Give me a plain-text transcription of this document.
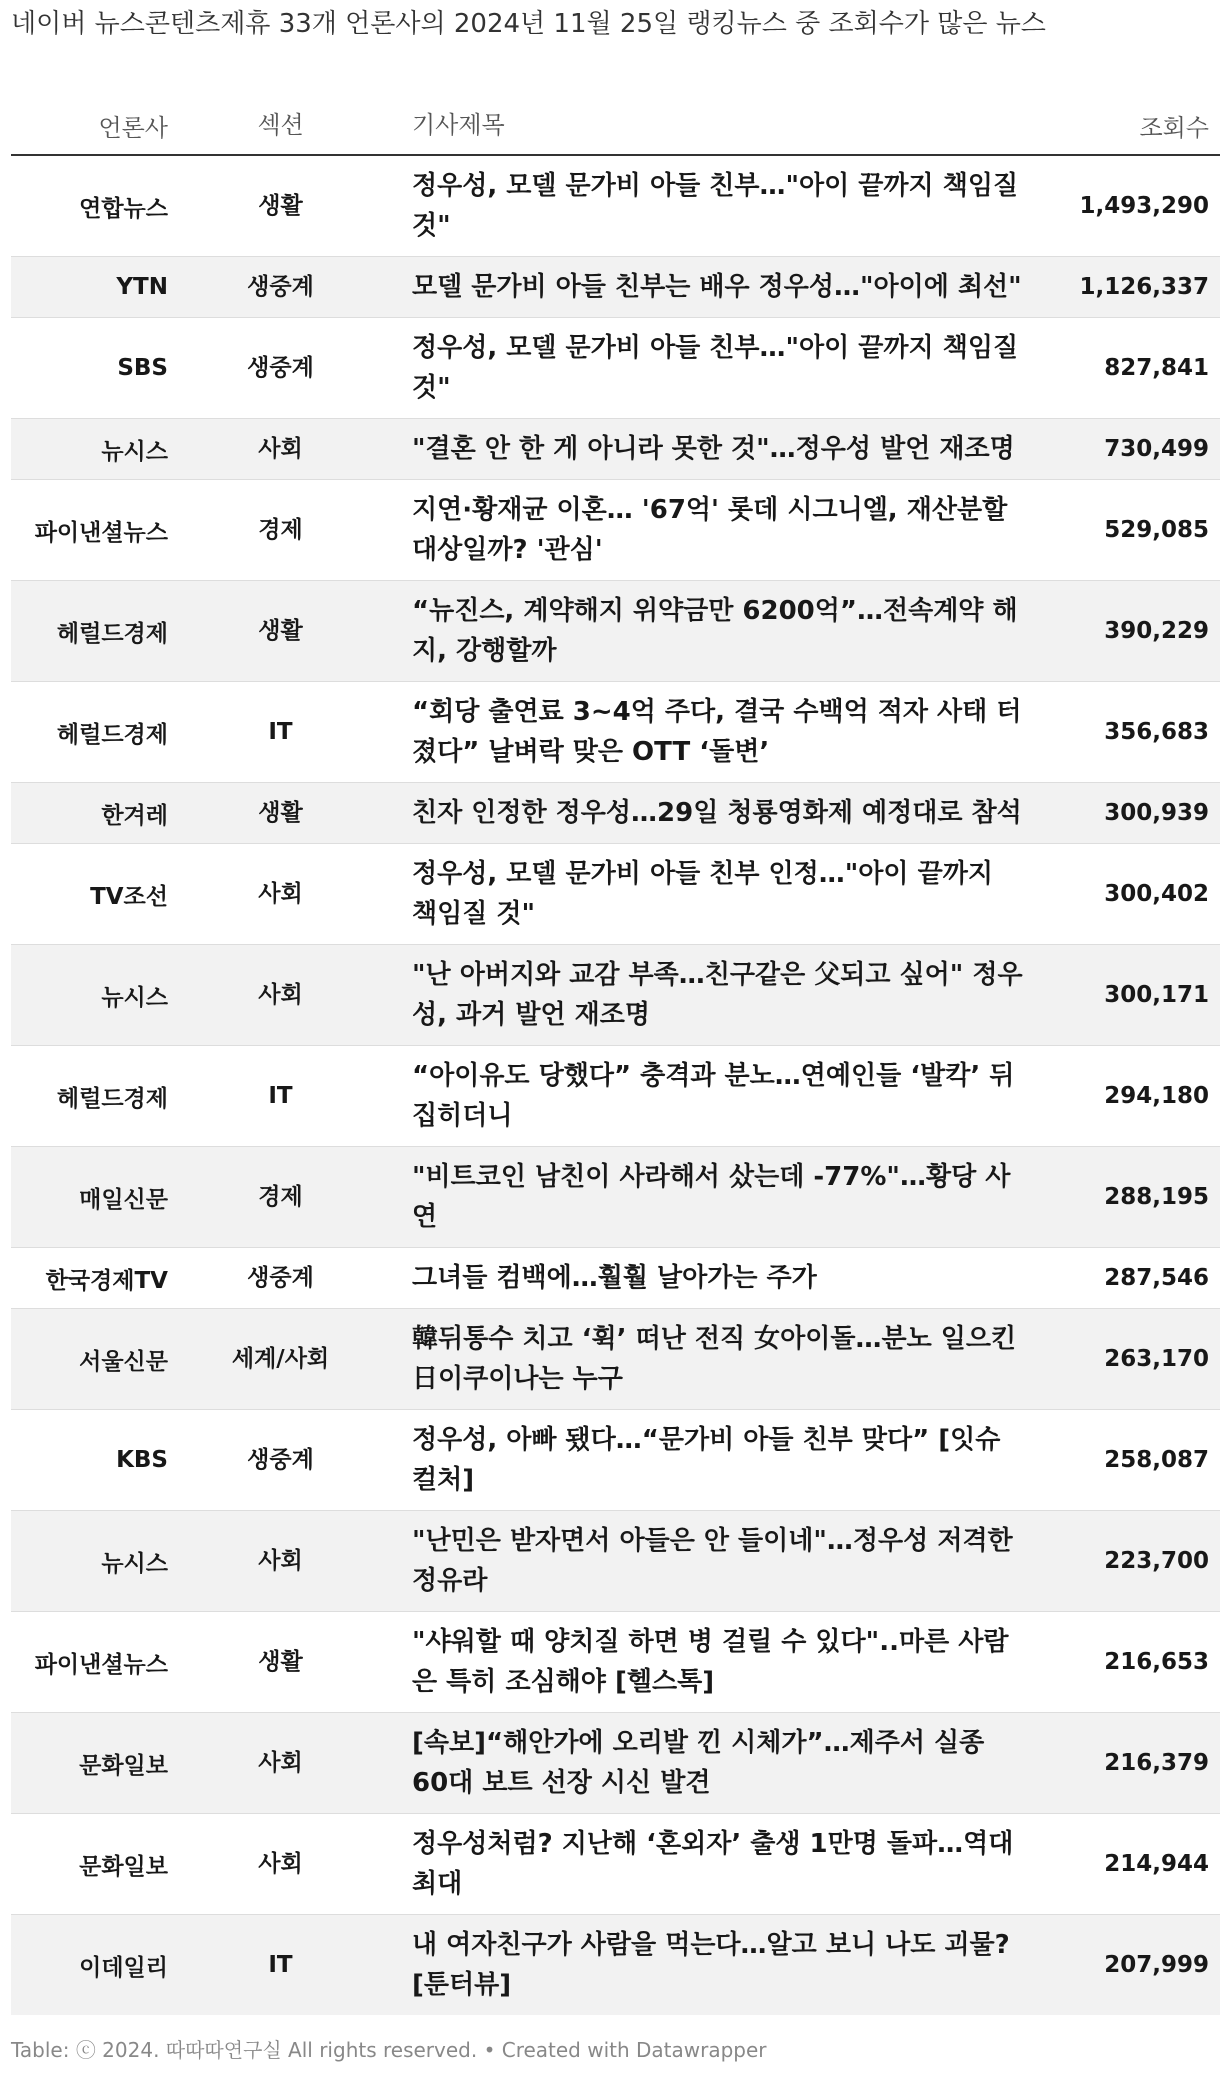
네이버 뉴스콘텐츠제휴 33개 언론사의 2024년 11월 25일 랭킹뉴스 중 조회수가 많은 뉴스
언론사	섹션		기사제목	조회수
연합뉴스	생활		정우성, 모델 문가비 아들 친부…"아이 끝까지 책임질 것"	1,493,290
YTN	생중계		모델 문가비 아들 친부는 배우 정우성…"아이에 최선"	1,126,337
SBS	생중계		정우성, 모델 문가비 아들 친부…"아이 끝까지 책임질 것"	827,841
뉴시스	사회		"결혼 안 한 게 아니라 못한 것"…정우성 발언 재조명	730,499
파이낸셜뉴스	경제		지연·황재균 이혼… '67억' 롯데 시그니엘, 재산분할 대상일까? '관심'	529,085
헤럴드경제	생활		“뉴진스, 계약해지 위약금만 6200억”…전속계약 해지, 강행할까	390,229
헤럴드경제	IT		“회당 출연료 3~4억 주다, 결국 수백억 적자 사태 터졌다” 날벼락 맞은 OTT ‘돌변’	356,683
한겨레	생활		친자 인정한 정우성…29일 청룡영화제 예정대로 참석	300,939
TV조선	사회		정우성, 모델 문가비 아들 친부 인정…"아이 끝까지 책임질 것"	300,402
뉴시스	사회		"난 아버지와 교감 부족…친구같은 父되고 싶어" 정우성, 과거 발언 재조명	300,171
헤럴드경제	IT		“아이유도 당했다” 충격과 분노…연예인들 ‘발칵’ 뒤집히더니	294,180
매일신문	경제		"비트코인 남친이 사라해서 샀는데 -77%"…황당 사연	288,195
한국경제TV	생중계		그녀들 컴백에…훨훨 날아가는 주가	287,546
서울신문	세계/사회		韓뒤통수 치고 ‘휙’ 떠난 전직 女아이돌…분노 일으킨 日이쿠이나는 누구	263,170
KBS	생중계		정우성, 아빠 됐다…“문가비 아들 친부 맞다” [잇슈 컬처]	258,087
뉴시스	사회		"난민은 받자면서 아들은 안 들이네"…정우성 저격한 정유라	223,700
파이낸셜뉴스	생활		"샤워할 때 양치질 하면 병 걸릴 수 있다"..마른 사람은 특히 조심해야 [헬스톡]	216,653
문화일보	사회		[속보]“해안가에 오리발 낀 시체가”…제주서 실종 60대 보트 선장 시신 발견	216,379
문화일보	사회		정우성처럼? 지난해 ‘혼외자’ 출생 1만명 돌파…역대 최대	214,944
이데일리	IT		내 여자친구가 사람을 먹는다…알고 보니 나도 괴물? [툰터뷰]	207,999
Table: ⓒ 2024. 따따따연구실 All rights reserved. • Created with Datawrapper
